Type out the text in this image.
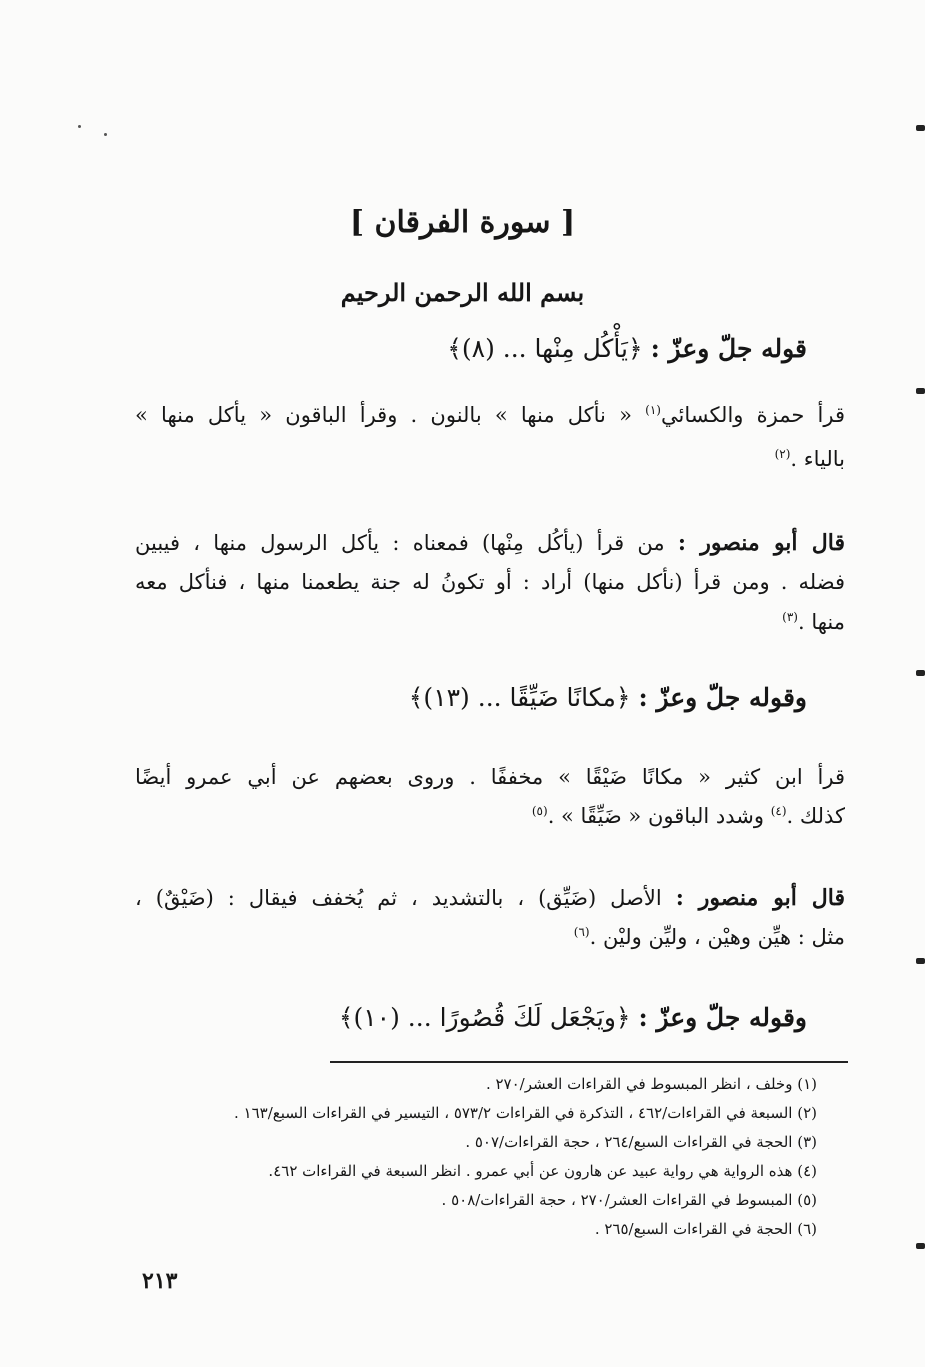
[ سورة الفرقان ]
بسم الله الرحمن الرحيم
قوله جلّ وعزّ : ﴿يَأْكُل مِنْها ... (٨)﴾
قرأ حمزة والكسائي$^{(١)}$ « نأكل منها » بالنون . وقرأ الباقون « يأكل منها »
بالياء .$^{(٢)}$
قال أبو منصور : من قرأ (يأكُل مِنْها) فمعناه : يأكل الرسول منها ، فيبين
فضله . ومن قرأ (نأكل منها) أراد : أو تكونُ له جنة يطعمنا منها ، فنأكل معه
منها .$^{(٣)}$
وقوله جلّ وعزّ : ﴿مكانًا ضَيِّقًا ... (١٣)﴾
قرأ ابن كثير « مكانًا ضَيْقًا » مخففًا . وروى بعضهم عن أبي عمرو أيضًا
كذلك .$^{(٤)}$ وشدد الباقون « ضَيِّقًا » .$^{(٥)}$
قال أبو منصور : الأصل (ضَيِّق) ، بالتشديد ، ثم يُخفف فيقال : (ضَيْقٌ) ،
مثل : هيِّن وهيْن ، وليِّن وليْن .$^{(٦)}$
وقوله جلّ وعزّ : ﴿ويَجْعَل لَكَ قُصُورًا ... (١٠)﴾
(١) وخلف ، انظر المبسوط في القراءات العشر/٢٧٠ .
(٢) السبعة في القراءات/٤٦٢ ، التذكرة في القراءات ٥٧٣/٢ ، التيسير في القراءات السبع/١٦٣ .
(٣) الحجة في القراءات السبع/٢٦٤ ، حجة القراءات/٥٠٧ .
(٤) هذه الرواية هي رواية عبيد عن هارون عن أبي عمرو . انظر السبعة في القراءات ٤٦٢.
(٥) المبسوط في القراءات العشر/٢٧٠ ، حجة القراءات/٥٠٨ .
(٦) الحجة في القراءات السبع/٢٦٥ .
٢١٣
